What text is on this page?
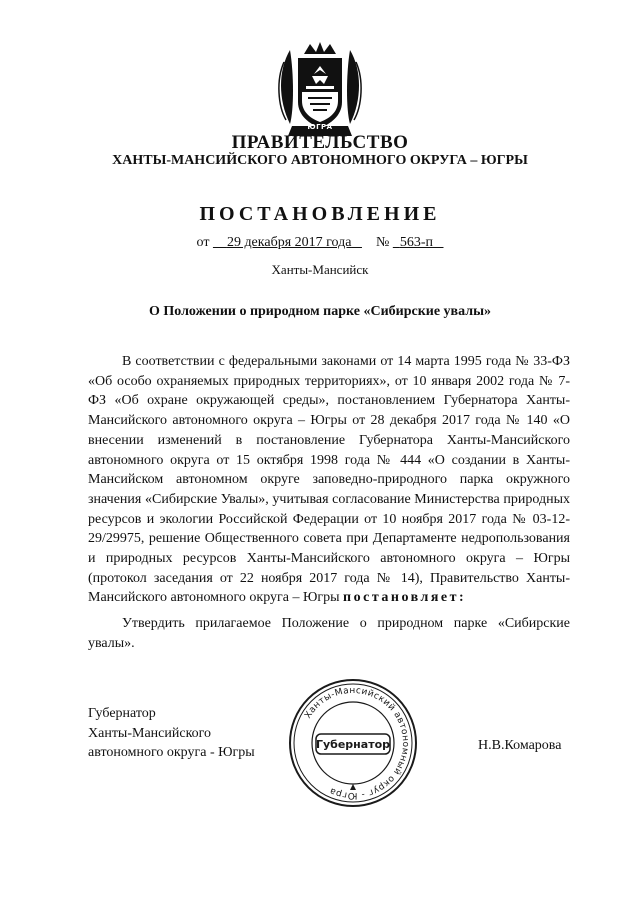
ЮГРА
ПРАВИТЕЛЬСТВО
ХАНТЫ-МАНСИЙСКОГО АВТОНОМНОГО ОКРУГА – ЮГРЫ
ПОСТАНОВЛЕНИЕ
от 29 декабря 2017 года № 563-п
Ханты-Мансийск
О Положении о природном парке «Сибирские увалы»

В соответствии с федеральными законами от 14 марта 1995 года № 33-ФЗ «Об особо охраняемых природных территориях», от 10 января 2002 года № 7-ФЗ «Об охране окружающей среды», постановлением Губернатора Ханты-Мансийского автономного округа – Югры от 28 декабря 2017 года № 140 «О внесении изменений в постановление Губернатора Ханты-Мансийского автономного округа от 15 октября 1998 года № 444 «О создании в Ханты-Мансийском автономном округе заповедно-природного парка окружного значения «Сибирские Увалы», учитывая согласование Министерства природных ресурсов и экологии Российской Федерации от 10 ноября 2017 года № 03-12-29/29975, решение Общественного совета при Департаменте недропользования и природных ресурсов Ханты-Мансийского автономного округа – Югры (протокол заседания от 22 ноября 2017 года № 14), Правительство Ханты-Мансийского автономного округа – Югры постановляет:

Утвердить прилагаемое Положение о природном парке «Сибирские увалы».

Губернатор
Ханты-Мансийского
автономного округа - Югры
Ханты-Мансийский автономный округ - Югра
Губернатор	Н.В.Комарова
